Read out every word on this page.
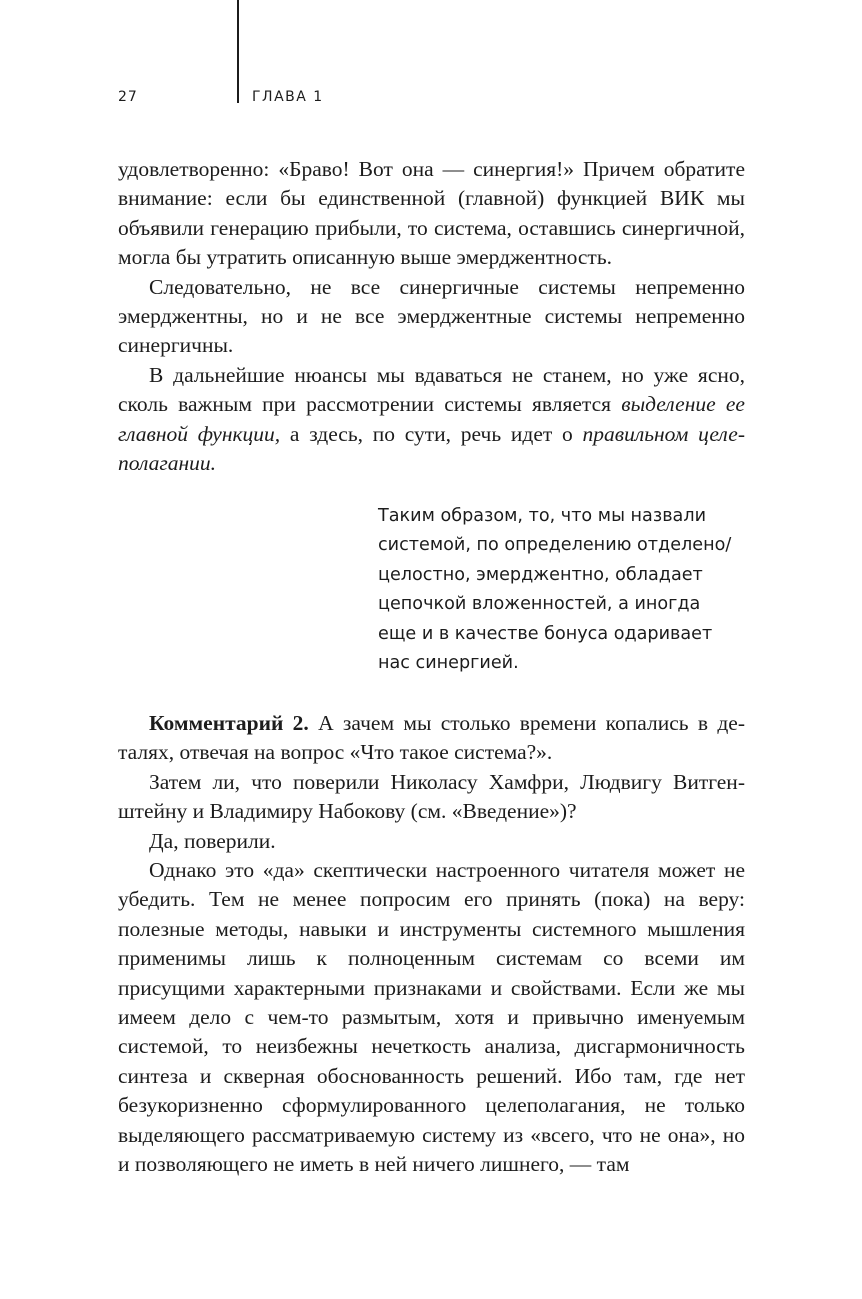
27	ГЛАВА 1

удовлетворенно: «Браво! Вот она — синергия!» Причем обратите внимание: если бы единственной (главной) функцией ВИК мы объявили генерацию прибыли, то система, оставшись синергичной, могла бы утратить описанную выше эмерджентность.

Следовательно, не все синергичные системы непременно эмерджентны, но и не все эмерджентные системы непременно синергичны.

В дальнейшие нюансы мы вдаваться не станем, но уже ясно, сколь важным при рассмотрении системы является выделение ее главной функции, а здесь, по сути, речь идет о правильном целеполагании.

Таким образом, то, что мы назвали
системой, по определению отделено/
целостно, эмерджентно, обладает
цепочкой вложенностей, а иногда
еще и в качестве бонуса одаривает
нас синергией.

Комментарий 2. А зачем мы столько времени копались в деталях, отвечая на вопрос «Что такое система?».

Затем ли, что поверили Николасу Хамфри, Людвигу Витгенштейну и Владимиру Набокову (см. «Введение»)?

Да, поверили.

Однако это «да» скептически настроенного читателя может не убедить. Тем не менее попросим его принять (пока) на веру: полезные методы, навыки и инструменты системного мышления применимы лишь к полноценным системам со всеми им присущими характерными признаками и свойствами. Если же мы имеем дело с чем-то размытым, хотя и привычно именуемым системой, то неизбежны нечеткость анализа, дисгармоничность синтеза и скверная обоснованность решений. Ибо там, где нет безукоризненно сформулированного целеполагания, не только выделяющего рассматриваемую систему из «всего, что не она», но и позволяющего не иметь в ней ничего лишнего, — там
